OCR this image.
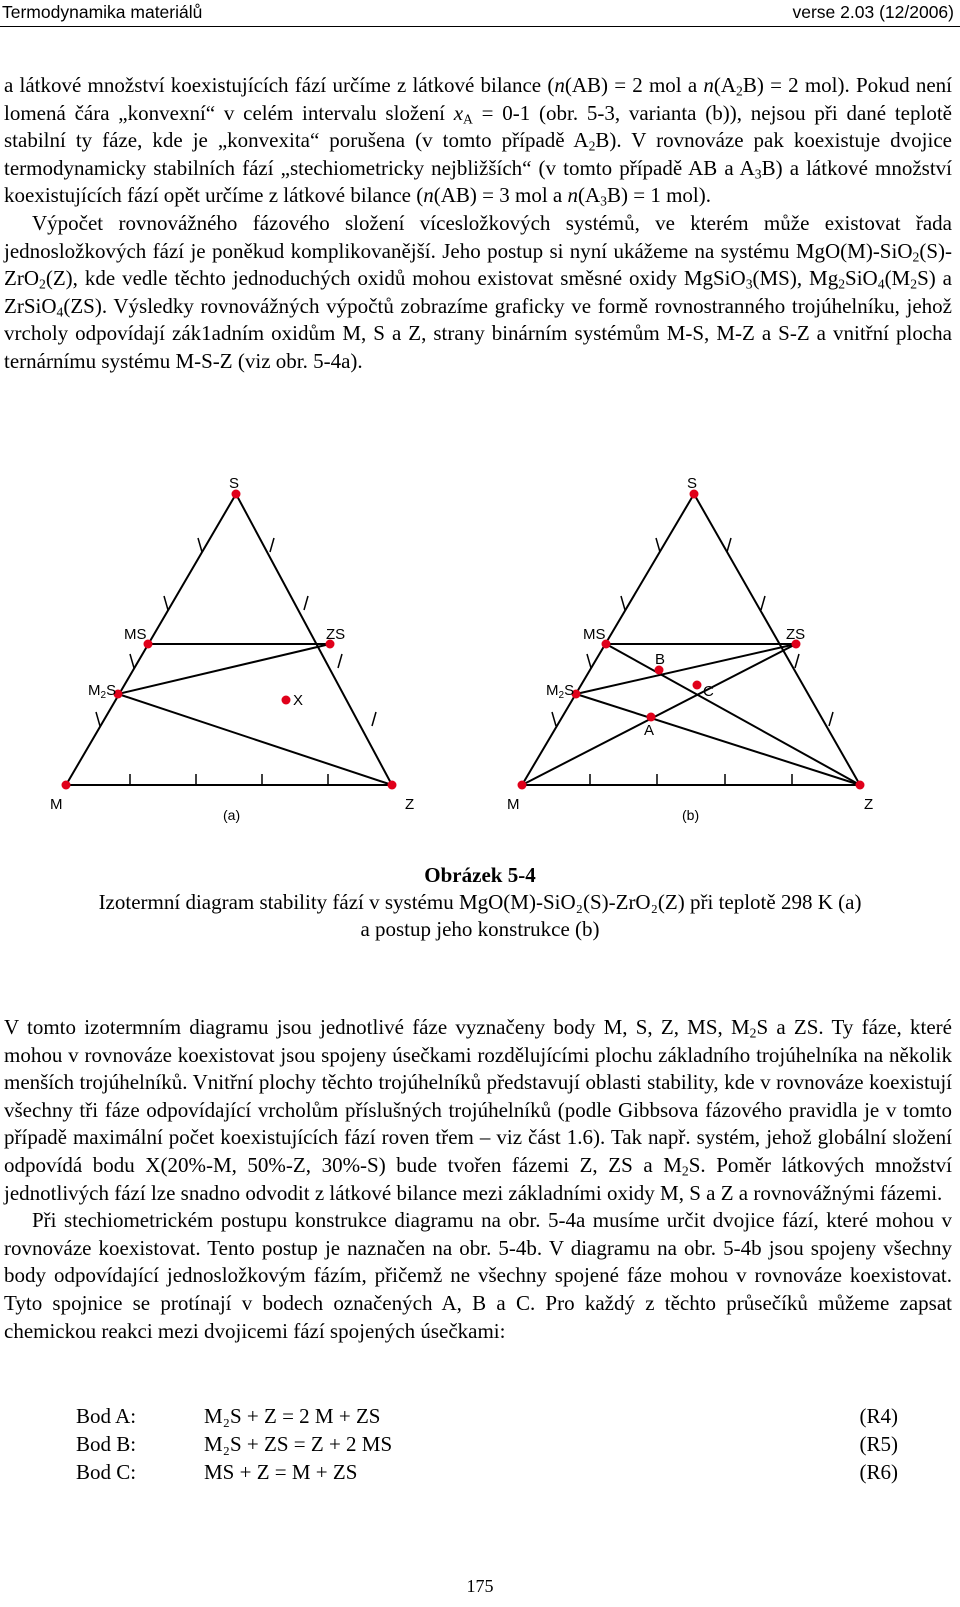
Termodynamika materiálů	verse 2.03 (12/2006)

a látkové množství koexistujících fází určíme z látkové bilance (n(AB) = 2 mol a $n(A_2B) = 2$ mol). Pokud není lomená čára „konvexní“ v celém intervalu složení $x_A = 0-1$ (obr. 5-3, varianta (b)), nejsou při dané teplotě stabilní ty fáze, kde je „konvexita“ porušena (v tomto případě $A_2B$). V rovnováze pak koexistuje dvojice termodynamicky stabilních fází „stechiometricky nejbližších“ (v tomto případě AB a $A_3B$) a látkové množství koexistujících fází opět určíme z látkové bilance (n(AB) = 3 mol a $n(A_3B) = 1$ mol).

Výpočet rovnovážného fázového složení vícesložkových systémů, ve kterém může existovat řada jednosložkových fází je poněkud komplikovanější. Jeho postup si nyní ukážeme na systému MgO(M)-SiO$_2$(S)-ZrO$_2$(Z), kde vedle těchto jednoduchých oxidů mohou existovat směsné oxidy MgSiO$_3$(MS), $Mg_2SiO_4(M_2S)$ a ZrSiO$_4$(ZS). Výsledky rovnovážných výpočtů zobrazíme graficky ve formě rovnostranného trojúhelníku, jehož vrcholy odpovídají zák1adním oxidům M, S a Z, strany binárním systémům M-S, M-Z a S-Z a vnitřní plocha ternárnímu systému M-S-Z (viz obr. 5-4a).

S
MS	ZS
$M_2S$
X
M	Z
(a)
S
MS	ZS
$M_2S$
B
C
A
M	Z
(b)
Obrázek 5-4
Izotermní diagram stability fází v systému MgO(M)-SiO₂(S)-ZrO₂(Z) při teplotě 298 K (a)
a postup jeho konstrukce (b)

V tomto izotermním diagramu jsou jednotlivé fáze vyznačeny body M, S, Z, MS, $M_2S$ a ZS. Ty fáze, které mohou v rovnováze koexistovat jsou spojeny úsečkami rozdělujícími plochu základního trojúhelníka na několik menších trojúhelníků. Vnitřní plochy těchto trojúhelníků představují oblasti stability, kde v rovnováze koexistují všechny tři fáze odpovídající vrcholům příslušných trojúhelníků (podle Gibbsova fázového pravidla je v tomto případě maximální počet koexistujících fází roven třem – viz část 1.6). Tak např. systém, jehož globální složení odpovídá bodu X(20%-M, 50%-Z, 30%-S) bude tvořen fázemi Z, ZS a $M_2S$. Poměr látkových množství jednotlivých fází lze snadno odvodit z látkové bilance mezi základními oxidy M, S a Z a rovnovážnými fázemi.

Při stechiometrickém postupu konstrukce diagramu na obr. 5-4a musíme určit dvojice fází, které mohou v rovnováze koexistovat. Tento postup je naznačen na obr. 5-4b. V diagramu na obr. 5-4b jsou spojeny všechny body odpovídající jednosložkovým fázím, přičemž ne všechny spojené fáze mohou v rovnováze koexistovat. Tyto spojnice se protínají v bodech označených A, B a C. Pro každý z těchto průsečíků můžeme zapsat chemickou reakci mezi dvojicemi fází spojených úsečkami:

Bod A:	M₂S + Z = 2 M + ZS	(R4)
Bod B:	M₂S + ZS = Z + 2 MS	(R5)
Bod C:	MS + Z = M + ZS	(R6)
175
